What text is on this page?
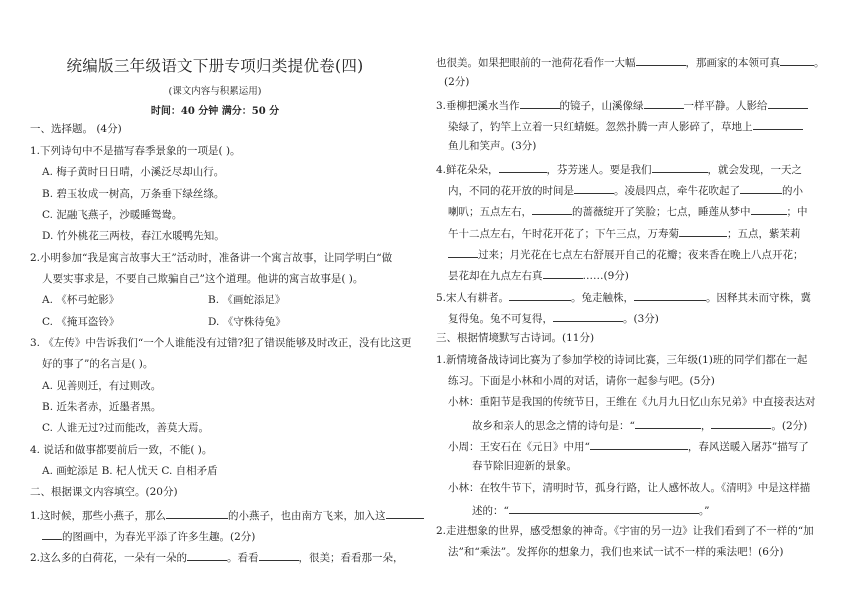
统编版三年级语文下册专项归类提优卷(四)
(课文内容与积累运用)
时间：40 分钟 满分：50 分
一、选择题。 (4分)
1.下列诗句中不是描写春季景象的一项是( )。
A. 梅子黄时日日晴，小溪泛尽却山行。
B. 碧玉妆成一树高，万条垂下绿丝绦。
C. 泥融飞燕子，沙暖睡鸳鸯。
D. 竹外桃花三两枝，春江水暖鸭先知。
2.小明参加“我是寓言故事大王”活动时，准备讲一个寓言故事，让同学明白“做
人要实事求是，不要自己欺骗自己”这个道理。他讲的寓言故事是( )。
A. 《杯弓蛇影》	B. 《画蛇添足》
C. 《掩耳盗铃》	D. 《守株待兔》
3. 《左传》中告诉我们“一个人谁能没有过错?犯了错误能够及时改正，没有比这更
好的事了”的名言是( )。
A. 见善则迁，有过则改。
B. 近朱者赤，近墨者黑。
C. 人谁无过?过而能改，善莫大焉。
4. 说话和做事都要前后一致，不能( )。
A. 画蛇添足 B. 杞人忧天 C. 自相矛盾
二、根据课文内容填空。(20分)
1.这时候，那些小燕子，那么	的小燕子，也由南方飞来，加入这
的图画中，为春光平添了许多生趣。(2分)
2.这么多的白荷花，一朵有一朵的	。看看	，很美；看看那一朵，
也很美。如果把眼前的一池荷花看作一大幅	，那画家的本领可真	。
(2分)
3.垂柳把溪水当作	的镜子，山溪像绿	一样平静。人影给
染绿了，钓竿上立着一只红蜻蜓。忽然扑腾一声人影碎了，草地上
鱼儿和笑声。(3分)
4.鲜花朵朵，	，芬芳迷人。要是我们	，就会发现，一天之
内，不同的花开放的时间是	。凌晨四点，牵牛花吹起了	的小
喇叭；五点左右，	的蔷薇绽开了笑脸；七点，睡莲从梦中	；中
午十二点左右，午时花开花了；下午三点，万寿菊	；五点，紫茉莉
过来；月光花在七点左右舒展开自己的花瓣；夜来香在晚上八点开花；
昙花却在九点左右真	……(9分)
5.宋人有耕者。	。兔走触株，	。因释其未而守株，冀
复得兔。兔不可复得，	。(3分)
三、根据情境默写古诗词。(11分)
1.新情境备战诗词比赛为了参加学校的诗词比赛，三年级(1)班的同学们都在一起
练习。下面是小林和小周的对话，请你一起参与吧。(5分)
小林：重阳节是我国的传统节日，王维在《九月九日忆山东兄弟》中直接表达对
故乡和亲人的思念之情的诗句是：“	，	。(2分)
小周：王安石在《元日》中用“	，春风送暖入屠苏”描写了
春节除旧迎新的景象。
小林：在牧牛节下，清明时节，孤身行路，让人感怀故人。《清明》中是这样描
述的：“	。”
2.走进想象的世界，感受想象的神奇。《宇宙的另一边》让我们看到了不一样的“加
法”和“乘法”。发挥你的想象力，我们也来试一试不一样的乘法吧！(6分)
